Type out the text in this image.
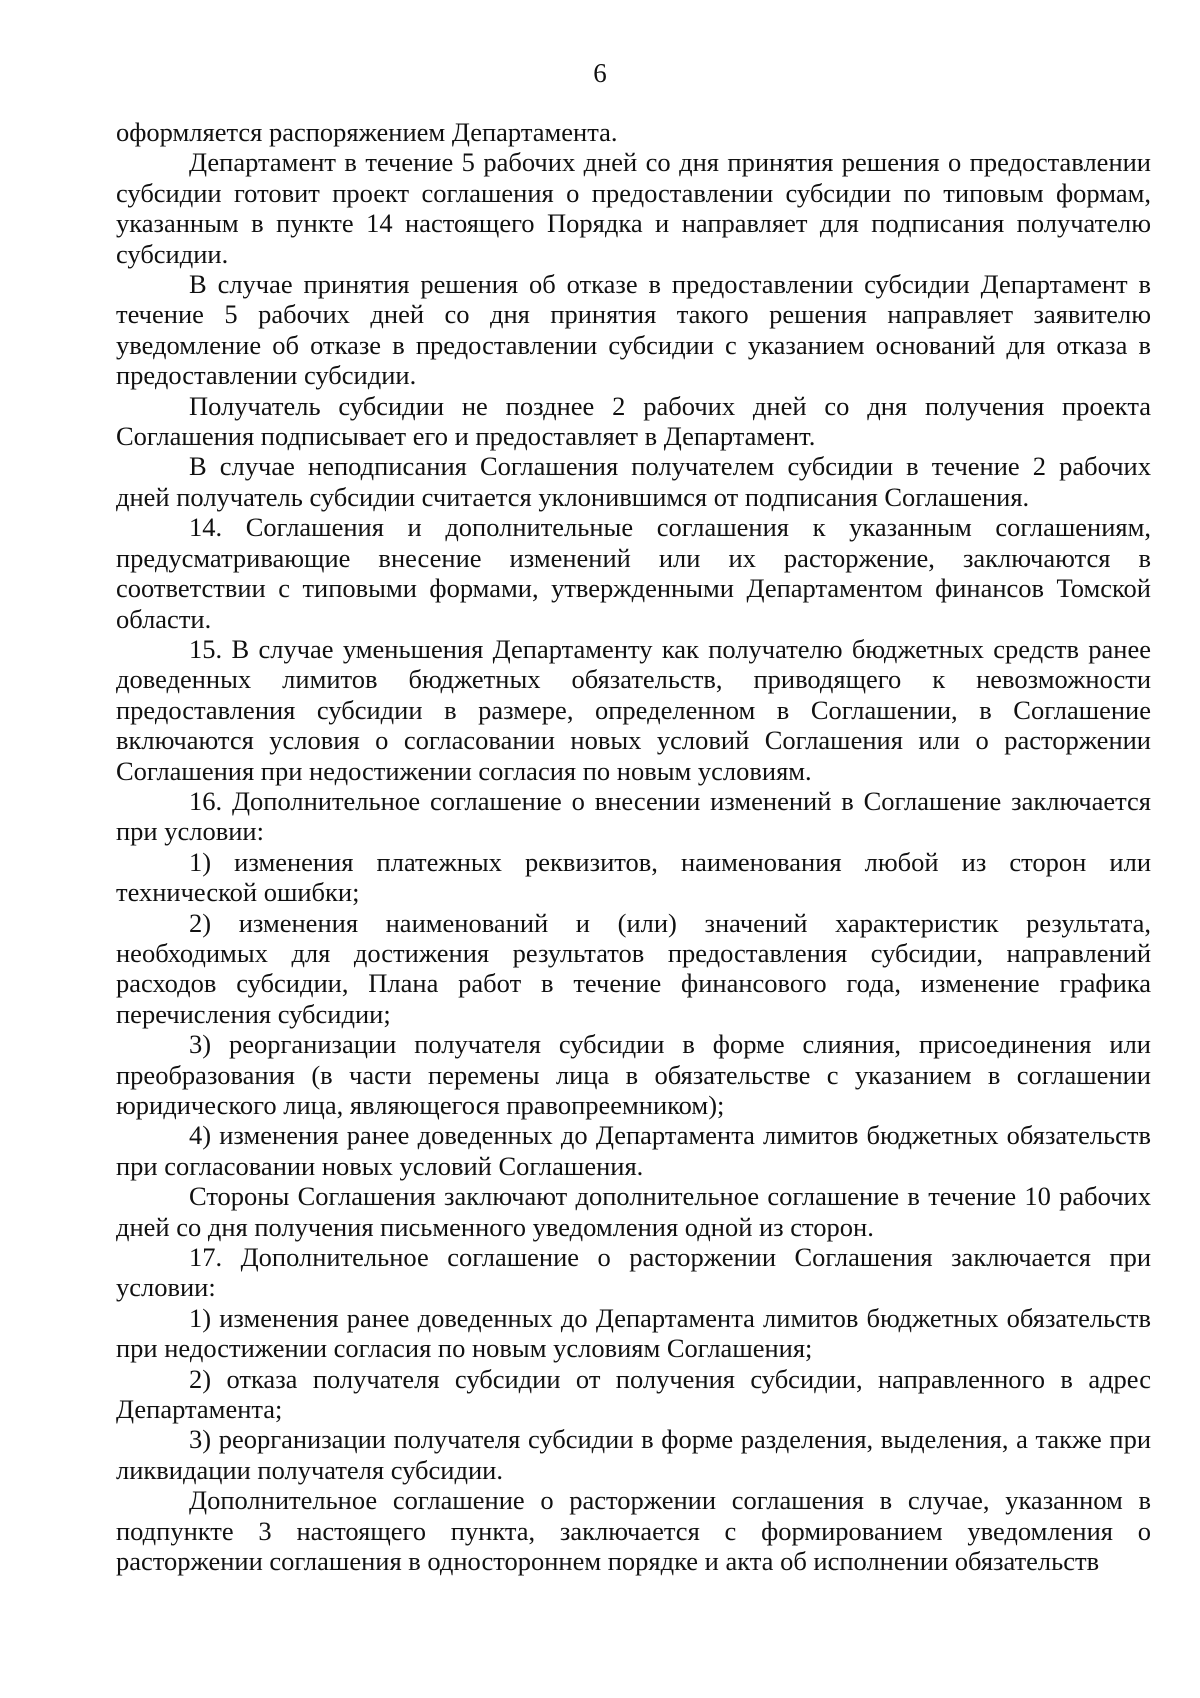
6

оформляется распоряжением Департамента.

Департамент в течение 5 рабочих дней со дня принятия решения о предоставлении субсидии готовит проект соглашения о предоставлении субсидии по типовым формам, указанным в пункте 14 настоящего Порядка и направляет для подписания получателю субсидии.

В случае принятия решения об отказе в предоставлении субсидии Департамент в течение 5 рабочих дней со дня принятия такого решения направляет заявителю уведомление об отказе в предоставлении субсидии с указанием оснований для отказа в предоставлении субсидии.

Получатель субсидии не позднее 2 рабочих дней со дня получения проекта Соглашения подписывает его и предоставляет в Департамент.

В случае неподписания Соглашения получателем субсидии в течение 2 рабочих дней получатель субсидии считается уклонившимся от подписания Соглашения.

14. Соглашения и дополнительные соглашения к указанным соглашениям, предусматривающие внесение изменений или их расторжение, заключаются в соответствии с типовыми формами, утвержденными Департаментом финансов Томской области.

15. В случае уменьшения Департаменту как получателю бюджетных средств ранее доведенных лимитов бюджетных обязательств, приводящего к невозможности предоставления субсидии в размере, определенном в Соглашении, в Соглашение включаются условия о согласовании новых условий Соглашения или о расторжении Соглашения при недостижении согласия по новым условиям.

16. Дополнительное соглашение о внесении изменений в Соглашение заключается при условии:

1) изменения платежных реквизитов, наименования любой из сторон или технической ошибки;

2) изменения наименований и (или) значений характеристик результата, необходимых для достижения результатов предоставления субсидии, направлений расходов субсидии, Плана работ в течение финансового года, изменение графика перечисления субсидии;

3) реорганизации получателя субсидии в форме слияния, присоединения или преобразования (в части перемены лица в обязательстве с указанием в соглашении юридического лица, являющегося правопреемником);

4) изменения ранее доведенных до Департамента лимитов бюджетных обязательств при согласовании новых условий Соглашения.

Стороны Соглашения заключают дополнительное соглашение в течение 10 рабочих дней со дня получения письменного уведомления одной из сторон.

17. Дополнительное соглашение о расторжении Соглашения заключается при условии:

1) изменения ранее доведенных до Департамента лимитов бюджетных обязательств при недостижении согласия по новым условиям Соглашения;

2) отказа получателя субсидии от получения субсидии, направленного в адрес Департамента;

3) реорганизации получателя субсидии в форме разделения, выделения, а также при ликвидации получателя субсидии.

Дополнительное соглашение о расторжении соглашения в случае, указанном в подпункте 3 настоящего пункта, заключается с формированием уведомления о расторжении соглашения в одностороннем порядке и акта об исполнении обязательств
